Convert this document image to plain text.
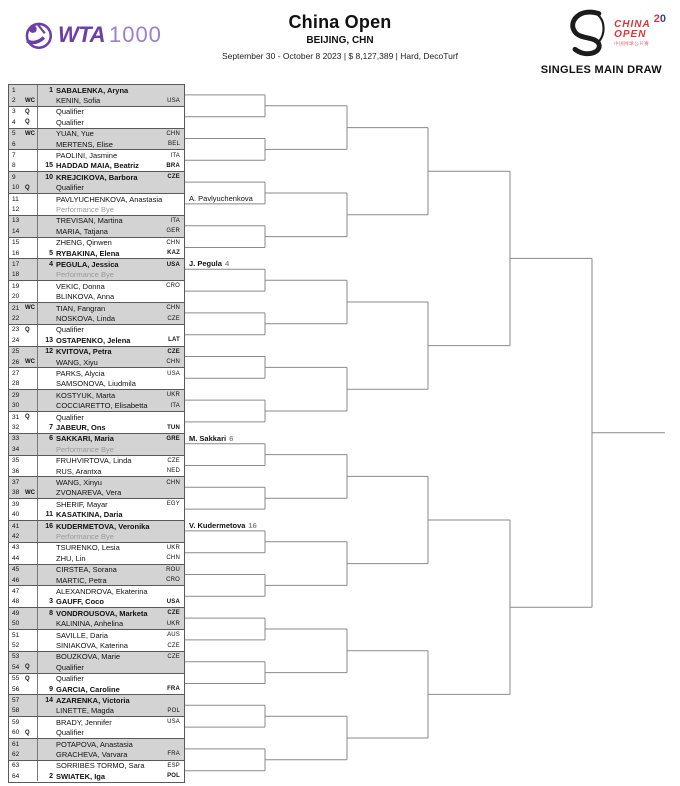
WTA 1000	China Open
BEIJING, CHN
September 30 - October 8 2023 | $ 8,127,389 | Hard, DecoTurf
CHINA
OPEN
中国网球公开赛
20
SINGLES MAIN DRAW
1	1 SABALENKA, Aryna
2	WC	KENIN, Sofia	USA
3	Q	Qualifier
4	Q	Qualifier
5	WC	YUAN, Yue	CHN
6	MERTENS, Elise	BEL
7	PAOLINI, Jasmine	ITA
8	15 HADDAD MAIA, Beatriz	BRA
9	10 KREJCIKOVA, Barbora	CZE
10 Q	Qualifier
11	PAVLYUCHENKOVA, Anastasia
12	Performance Bye
13	TREVISAN, Martina	ITA
14	MARIA, Tatjana	GER
15	ZHENG, Qinwen	CHN
16	5 RYBAKINA, Elena	KAZ
17	4 PEGULA, Jessica	USA
18	Performance Bye
19	VEKIC, Donna	CRO
20	BLINKOVA, Anna
21 WC	TIAN, Fangran	CHN
22	NOSKOVA, Linda	CZE
23 Q	Qualifier
24	13 OSTAPENKO, Jelena	LAT
25	12 KVITOVA, Petra	CZE
26 WC	WANG, Xiyu	CHN
27	PARKS, Alycia	USA
28	SAMSONOVA, Liudmila
29	KOSTYUK, Marta	UKR
30	COCCIARETTO, Elisabetta	ITA
31 Q	Qualifier
32	7 JABEUR, Ons	TUN
33	6 SAKKARI, Maria	GRE
34	Performance Bye
35	FRUHVIRTOVA, Linda	CZE
36	RUS, Arantxa	NED
37	WANG, Xinyu	CHN
38 WC	ZVONAREVA, Vera
39	SHERIF, Mayar	EGY
40	11 KASATKINA, Daria
41	16 KUDERMETOVA, Veronika
42	Performance Bye
43	TSURENKO, Lesia	UKR
44	ZHU, Lin	CHN
45	CIRSTEA, Sorana	ROU
46	MARTIC, Petra	CRO
47	ALEXANDROVA, Ekaterina
48	3 GAUFF, Coco	USA
49	8 VONDROUSOVA, Marketa	CZE
50	KALININA, Anhelina	UKR
51	SAVILLE, Daria	AUS
52	SINIAKOVA, Katerina	CZE
53	BOUZKOVA, Marie	CZE
54 Q	Qualifier
55 Q	Qualifier
56	9 GARCIA, Caroline	FRA
57	14 AZARENKA, Victoria
58	LINETTE, Magda	POL
59	BRADY, Jennifer	USA
60 Q	Qualifier
61	POTAPOVA, Anastasia
62	GRACHEVA, Varvara	FRA
63	SORRIBES TORMO, Sara	ESP
64	2 SWIATEK, Iga	POL
A. Pavlyuchenkova
J. Pegula 4
M. Sakkari 6
V. Kudermetova 16
